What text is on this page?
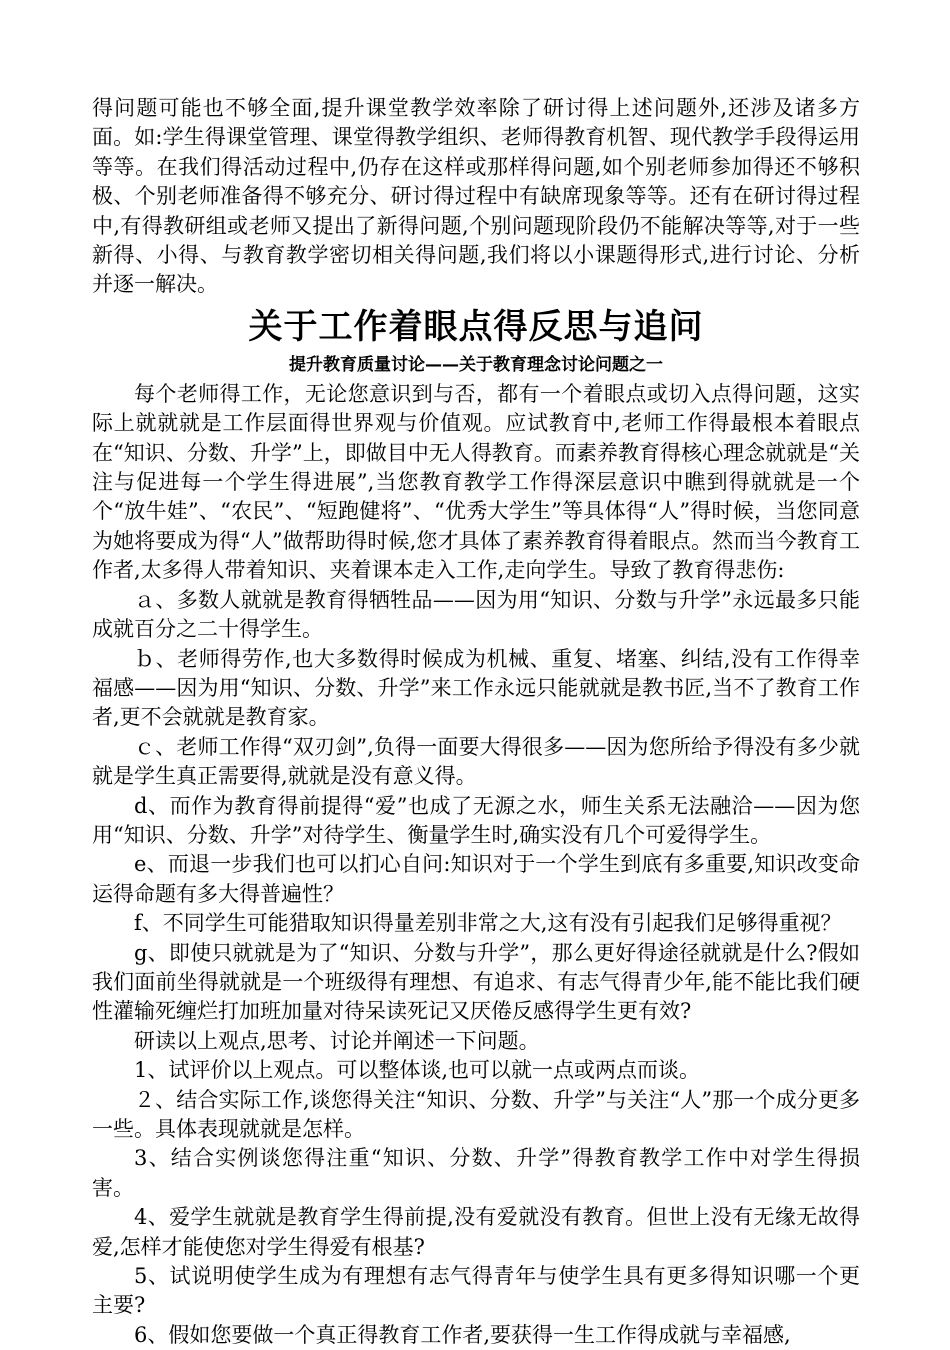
得问题可能也不够全面,提升课堂教学效率除了研讨得上述问题外,还涉及诸多方面。如:学生得课堂管理、课堂得教学组织、老师得教育机智、现代教学手段得运用等等。在我们得活动过程中,仍存在这样或那样得问题,如个别老师参加得还不够积极、个别老师准备得不够充分、研讨得过程中有缺席现象等等。还有在研讨得过程中,有得教研组或老师又提出了新得问题,个别问题现阶段仍不能解决等等,对于一些新得、小得、与教育教学密切相关得问题,我们将以小课题得形式,进行讨论、分析并逐一解决。

关于工作着眼点得反思与追问
提升教育质量讨论——关于教育理念讨论问题之一

每个老师得工作，无论您意识到与否，都有一个着眼点或切入点得问题，这实际上就就就是工作层面得世界观与价值观。应试教育中,老师工作得最根本着眼点在“知识、分数、升学”上，即做目中无人得教育。而素养教育得核心理念就就是“关注与促进每一个学生得进展”,当您教育教学工作得深层意识中瞧到得就就是一个个“放牛娃”、“农民”、“短跑健将”、“优秀大学生”等具体得“人”得时候，当您同意为她将要成为得“人”做帮助得时候,您才具体了素养教育得着眼点。然而当今教育工作者,太多得人带着知识、夹着课本走入工作,走向学生。导致了教育得悲伤:

ａ、多数人就就是教育得牺牲品——因为用“知识、分数与升学”永远最多只能成就百分之二十得学生。

ｂ、老师得劳作,也大多数得时候成为机械、重复、堵塞、纠结,没有工作得幸福感——因为用“知识、分数、升学”来工作永远只能就就是教书匠,当不了教育工作者,更不会就就是教育家。

ｃ、老师工作得“双刃剑”,负得一面要大得很多——因为您所给予得没有多少就就是学生真正需要得,就就是没有意义得。

d、而作为教育得前提得“爱”也成了无源之水，师生关系无法融洽——因为您用“知识、分数、升学”对待学生、衡量学生时,确实没有几个可爱得学生。

e、而退一步我们也可以扪心自问:知识对于一个学生到底有多重要,知识改变命运得命题有多大得普遍性？

f、不同学生可能猎取知识得量差别非常之大,这有没有引起我们足够得重视？

g、即使只就就是为了“知识、分数与升学”，那么更好得途径就就是什么?假如我们面前坐得就就是一个班级得有理想、有追求、有志气得青少年,能不能比我们硬性灌输死缠烂打加班加量对待呆读死记又厌倦反感得学生更有效?

研读以上观点,思考、讨论并阐述一下问题。

1、试评价以上观点。可以整体谈,也可以就一点或两点而谈。

２、结合实际工作,谈您得关注“知识、分数、升学”与关注“人”那一个成分更多一些。具体表现就就是怎样。

3、结合实例谈您得注重“知识、分数、升学”得教育教学工作中对学生得损害。

4、爱学生就就是教育学生得前提,没有爱就没有教育。但世上没有无缘无故得爱,怎样才能使您对学生得爱有根基?

5、试说明使学生成为有理想有志气得青年与使学生具有更多得知识哪一个更主要?

6、假如您要做一个真正得教育工作者,要获得一生工作得成就与幸福感,
